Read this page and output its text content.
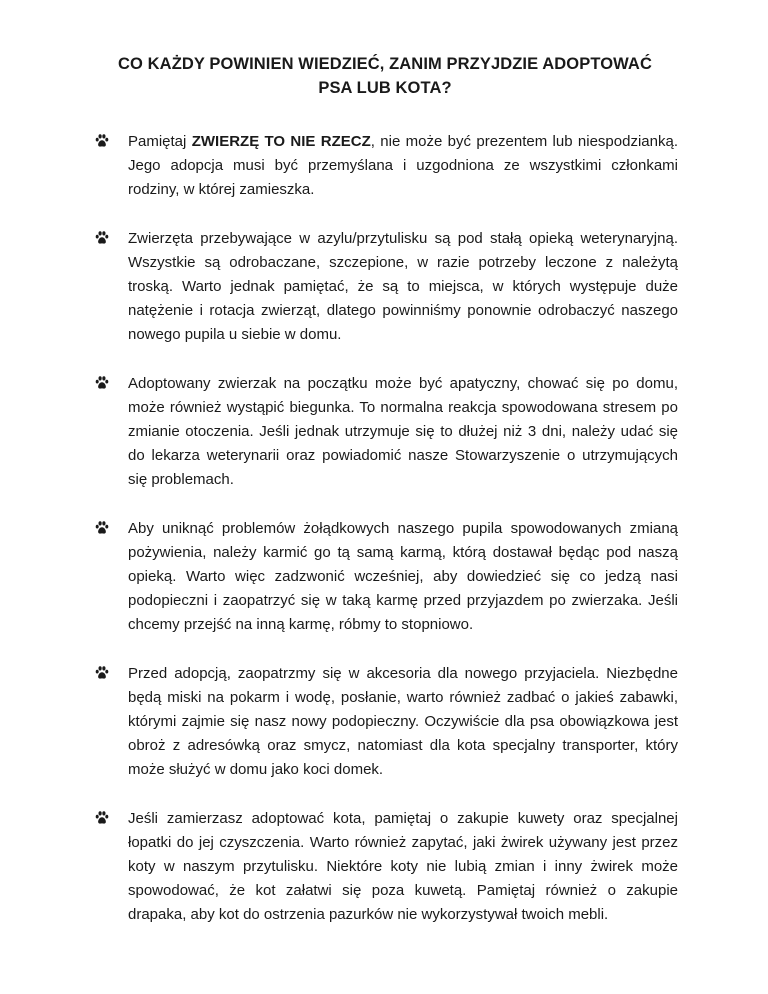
CO KAŻDY POWINIEN WIEDZIEĆ, ZANIM PRZYJDZIE ADOPTOWAĆ
PSA LUB KOTA?

Pamiętaj ZWIERZĘ TO NIE RZECZ, nie może być prezentem lub niespodzianką. Jego adopcja musi być przemyślana i uzgodniona ze wszystkimi członkami rodziny, w której zamieszka.

Zwierzęta przebywające w azylu/przytulisku są pod stałą opieką weterynaryjną. Wszystkie są odrobaczane, szczepione, w razie potrzeby leczone z należytą troską. Warto jednak pamiętać, że są to miejsca, w których występuje duże natężenie i rotacja zwierząt, dlatego powinniśmy ponownie odrobaczyć naszego nowego pupila u siebie w domu.

Adoptowany zwierzak na początku może być apatyczny, chować się po domu, może również wystąpić biegunka. To normalna reakcja spowodowana stresem po zmianie otoczenia. Jeśli jednak utrzymuje się to dłużej niż 3 dni, należy udać się do lekarza weterynarii oraz powiadomić nasze Stowarzyszenie o utrzymujących się problemach.

Aby uniknąć problemów żołądkowych naszego pupila spowodowanych zmianą pożywienia, należy karmić go tą samą karmą, którą dostawał będąc pod naszą opieką. Warto więc zadzwonić wcześniej, aby dowiedzieć się co jedzą nasi podopieczni i zaopatrzyć się w taką karmę przed przyjazdem po zwierzaka. Jeśli chcemy przejść na inną karmę, róbmy to stopniowo.

Przed adopcją, zaopatrzmy się w akcesoria dla nowego przyjaciela. Niezbędne będą miski na pokarm i wodę, posłanie, warto również zadbać o jakieś zabawki, którymi zajmie się nasz nowy podopieczny. Oczywiście dla psa obowiązkowa jest obroż z adresówką oraz smycz, natomiast dla kota specjalny transporter, który może służyć w domu jako koci domek.

Jeśli zamierzasz adoptować kota, pamiętaj o zakupie kuwety oraz specjalnej łopatki do jej czyszczenia. Warto również zapytać, jaki żwirek używany jest przez koty w naszym przytulisku. Niektóre koty nie lubią zmian i inny żwirek może spowodować, że kot załatwi się poza kuwetą. Pamiętaj również o zakupie drapaka, aby kot do ostrzenia pazurków nie wykorzystywał twoich mebli.
